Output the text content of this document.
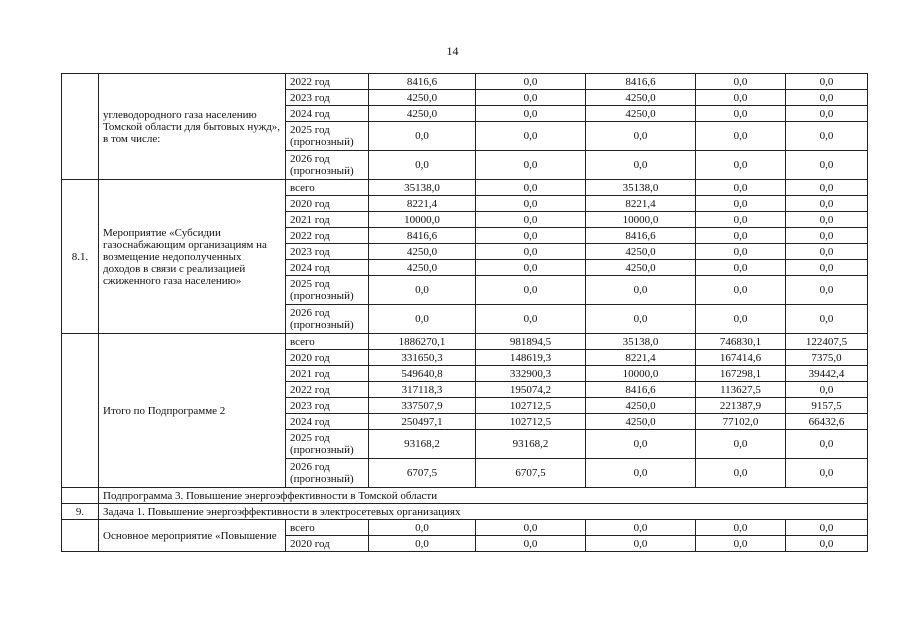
14
	углеводородного газа населению Томской области для бытовых нужд», в том числе:	2022 год	8416,6	0,0	8416,6	0,0	0,0
		2023 год	4250,0	0,0	4250,0	0,0	0,0
		2024 год	4250,0	0,0	4250,0	0,0	0,0
		2025 год (прогнозный)	0,0	0,0	0,0	0,0	0,0
		2026 год (прогнозный)	0,0	0,0	0,0	0,0	0,0
8.1.	Мероприятие «Субсидии газоснабжающим организациям на возмещение недополученных доходов в связи с реализацией сжиженного газа населению»	всего	35138,0	0,0	35138,0	0,0	0,0
		2020 год	8221,4	0,0	8221,4	0,0	0,0
		2021 год	10000,0	0,0	10000,0	0,0	0,0
		2022 год	8416,6	0,0	8416,6	0,0	0,0
		2023 год	4250,0	0,0	4250,0	0,0	0,0
		2024 год	4250,0	0,0	4250,0	0,0	0,0
		2025 год (прогнозный)	0,0	0,0	0,0	0,0	0,0
		2026 год (прогнозный)	0,0	0,0	0,0	0,0	0,0
	Итого по Подпрограмме 2	всего	1886270,1	981894,5	35138,0	746830,1	122407,5
		2020 год	331650,3	148619,3	8221,4	167414,6	7375,0
		2021 год	549640,8	332900,3	10000,0	167298,1	39442,4
		2022 год	317118,3	195074,2	8416,6	113627,5	0,0
		2023 год	337507,9	102712,5	4250,0	221387,9	9157,5
		2024 год	250497,1	102712,5	4250,0	77102,0	66432,6
		2025 год (прогнозный)	93168,2	93168,2	0,0	0,0	0,0
		2026 год (прогнозный)	6707,5	6707,5	0,0	0,0	0,0
	Подпрограмма 3. Повышение энергоэффективности в Томской области						
9.	Задача 1. Повышение энергоэффективности в электросетевых организациях						
	Основное мероприятие «Повышение	всего	0,0	0,0	0,0	0,0	0,0
		2020 год	0,0	0,0	0,0	0,0	0,0
